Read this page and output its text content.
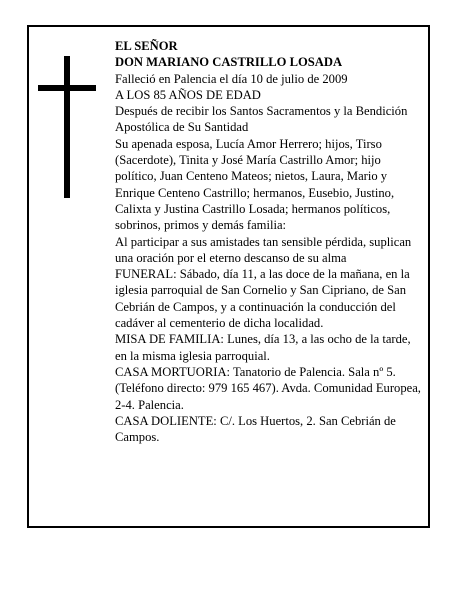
EL SEÑOR

DON MARIANO CASTRILLO LOSADA

Falleció en Palencia el día 10 de julio de 2009

A LOS 85 AÑOS DE EDAD

Después de recibir los Santos Sacramentos y la Bendición Apostólica de Su Santidad

Su apenada esposa, Lucía Amor Herrero; hijos, Tirso (Sacerdote), Tinita y José María Castrillo Amor; hijo político, Juan Centeno Mateos; nietos, Laura, Mario y Enrique Centeno Castrillo; hermanos, Eusebio, Justino, Calixta y Justina Castrillo Losada; hermanos políticos, sobrinos, primos y demás familia:

Al participar a sus amistades tan sensible pérdida, suplican una oración por el eterno descanso de su alma

FUNERAL: Sábado, día 11, a las doce de la mañana, en la iglesia parroquial de San Cornelio y San Cipriano, de San Cebrián de Campos, y a continuación la conducción del cadáver al cementerio de dicha localidad.

MISA DE FAMILIA: Lunes, día 13, a las ocho de la tarde, en la misma iglesia parroquial.

CASA MORTUORIA: Tanatorio de Palencia. Sala nº 5. (Teléfono directo: 979 165 467). Avda. Comunidad Europea, 2-4. Palencia.

CASA DOLIENTE: C/. Los Huertos, 2. San Cebrián de Campos.
